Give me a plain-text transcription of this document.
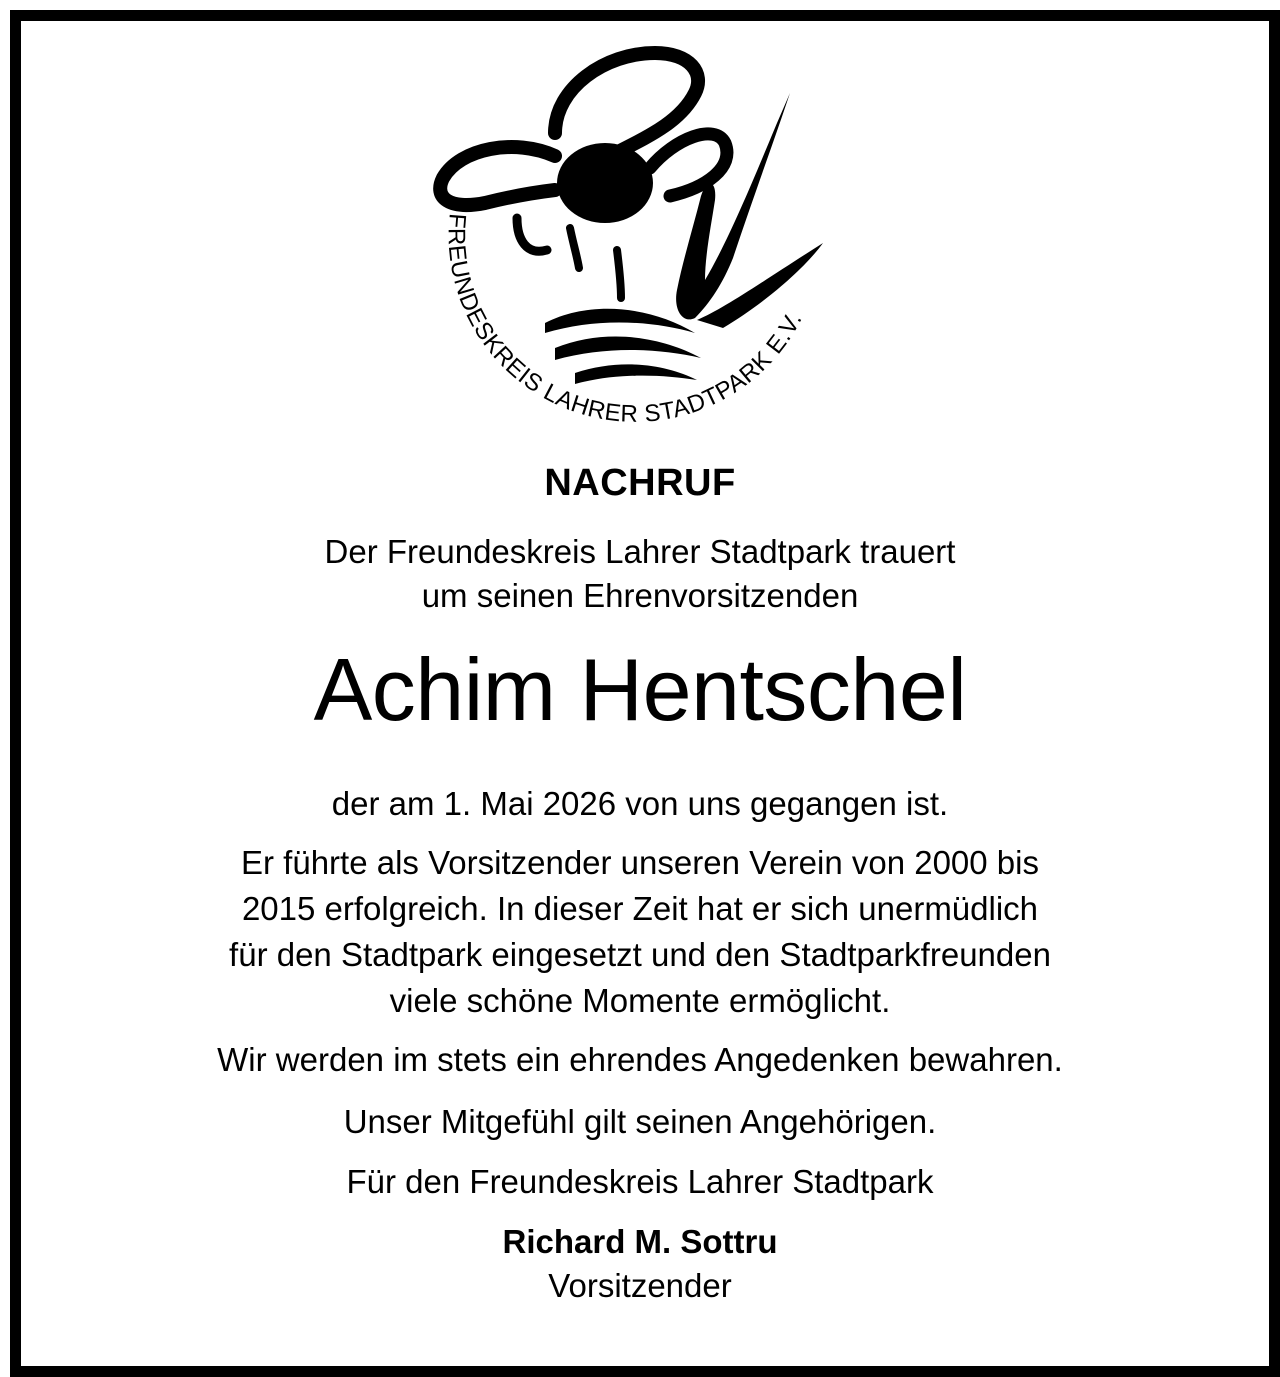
FREUNDESKREIS LAHRER STADTPARK E.V.
NACHRUF
Der Freundeskreis Lahrer Stadtpark trauert
um seinen Ehrenvorsitzenden
Achim Hentschel
der am 1. Mai 2026 von uns gegangen ist.
Er führte als Vorsitzender unseren Verein von 2000 bis
2015 erfolgreich. In dieser Zeit hat er sich unermüdlich
für den Stadtpark eingesetzt und den Stadtparkfreunden
viele schöne Momente ermöglicht.
Wir werden im stets ein ehrendes Angedenken bewahren.
Unser Mitgefühl gilt seinen Angehörigen.
Für den Freundeskreis Lahrer Stadtpark
Richard M. Sottru
Vorsitzender
